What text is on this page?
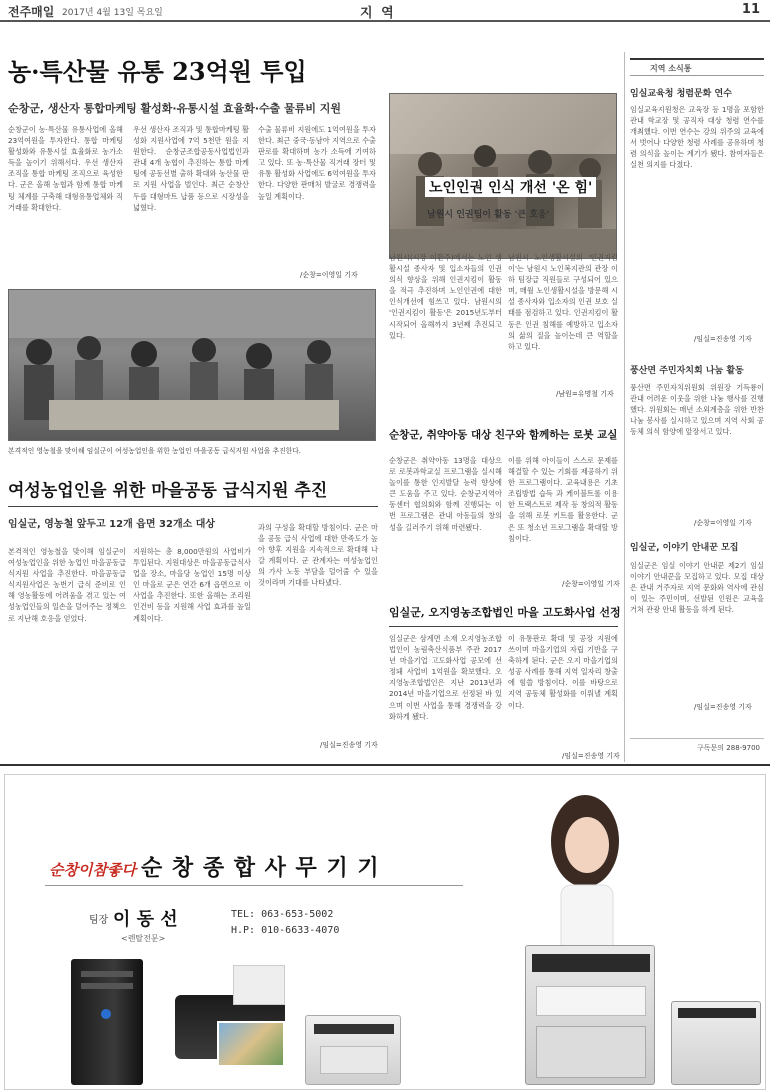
전주매일 2017년 4월 13일 목요일	지 역	11
농·특산물 유통 23억원 투입
순창군, 생산자 통합마케팅 활성화·유통시설 효율화·수출 물류비 지원

순창군이 농·특산물 유통사업에 올해 23억여원을 투자한다. 통합 마케팅 활성화와 유통시설 효율화로 농가소득을 높이기 위해서다. 우선 생산자 조직을 통합 마케팅 조직으로 육성한다. 군은 올해 농협과 함께 통합 마케팅 체계를 구축해 대형유통업체와 직거래를 확대한다.

우선 생산자 조직과 및 통합마케팅 활성화 지원사업에 7억 5천만 원을 지원한다. 순창군조합공동사업법인과 관내 4개 농협이 추진하는 통합 마케팅에 공동선별 출하 확대와 농산물 판로 지원 사업을 벌인다. 최근 순창산 두릅 대형마트 납품 등으로 시장성을 넓혔다.

수출 물류비 지원에도 1억여원을 투자한다. 최근 중국·동남아 지역으로 수출 판로를 확대하며 농가 소득에 기여하고 있다. 또 농·특산물 직거래 장터 및 유통 활성화 사업에도 6억여원을 투자한다. 다양한 판매처 발굴로 경쟁력을 높일 계획이다.

/순창=이영일 기자
노인인권 인식 개선 '온 힘'
남원시 인권팀이 활동 '큰 호응'

남원시(시장 이환주)에서는 노인 생활시설 종사자 및 입소자들의 인권의식 향상을 위해 인권지킴이 활동을 적극 추진하며 노인인권에 대한 인식개선에 힘쓰고 있다. 남원시의 '인권지킴이 활동'은 2015년도부터 시작되어 올해까지 3년째 추진되고 있다.

남원시 노인생활시설의 '인권지킴이'는 남원시 노인복지관의 관장 이하 팀장급 직원들로 구성되어 있으며, 매월 노인생활시설을 방문해 시설 종사자와 입소자의 인권 보호 실태를 점검하고 있다. 인권지킴이 활동은 인권 침해를 예방하고 입소자의 삶의 질을 높이는데 큰 역할을 하고 있다.

/남원=유명철 기자
본격적인 영농철을 맞이해 임실군이 여성농업인을 위한 농업인 마을공동 급식지원 사업을 추진한다.
여성농업인을 위한 마을공동 급식지원 추진
임실군, 영농철 앞두고 12개 읍면 32개소 대상

본격적인 영농철을 맞이해 임실군이 여성농업인을 위한 농업인 마을공동급식지원 사업을 추진한다. 마을공동급식지원사업은 농번기 급식 준비로 인해 영농활동에 어려움을 겪고 있는 여성농업인들의 일손을 덜어주는 정책으로 지난해 호응을 얻었다.

지원하는 총 8,000만원의 사업비가 투입된다. 지원대상은 마을공동급식사업을 장소, 마을당 농업인 15명 이상인 마을로 군은 연간 6개 읍면으로 이 사업을 추진한다. 또한 올해는 조리원 인건비 등을 지원해 사업 효과를 높일 계획이다.

과의 구성을 확대할 방침이다. 군은 마을 공동 급식 사업에 대한 만족도가 높아 향후 지원을 지속적으로 확대해 나갈 계획이다. 군 관계자는 여성농업인의 가사 노동 부담을 덜어줄 수 있을 것이라며 기대를 나타냈다.

/임실=진송영 기자
순창군, 취약아동 대상 친구와 함께하는 로봇 교실

순창군은 취약아동 13명을 대상으로 로봇과학교실 프로그램을 실시해 놀이를 통한 인지발달 능력 향상에 큰 도움을 주고 있다. 순창군지역아동센터 협의회와 함께 진행되는 이번 프로그램은 관내 아동들의 창의성을 길러주기 위해 마련됐다.

이를 위해 아이들이 스스로 문제를 해결할 수 있는 기회를 제공하기 위한 프로그램이다. 교육내용은 기초 조립방법 습득 과 케이블트롤 이용한 트랙스트로 제작 등 창의적 활동을 위해 로봇 키트를 활용한다. 군은 또 청소년 프로그램을 확대할 방침이다.

/순창=이영일 기자
임실군, 오지영농조합법인 마을 고도화사업 선정

임실군은 삼계면 소재 오지영농조합법인이 농림축산식품부 주관 2017년 마을기업 고도화사업 공모에 선정돼 사업비 1억원을 확보했다. 오지영농조합법인은 지난 2013년과 2014년 마을기업으로 선정된 바 있으며 이번 사업을 통해 경쟁력을 강화하게 됐다.

이 유통판로 확대 및 공장 지원에 쓰이며 마을기업의 자립 기반을 구축하게 된다. 군은 오지 마을기업의 성공 사례를 통해 지역 일자리 창출에 힘쓸 방침이다. 이를 바탕으로 지역 공동체 활성화를 이뤄낼 계획이다.

/임실=진송영 기자
지역 소식통
임실교육청 청렴문화 연수

임실교육지원청은 교육장 등 1명을 포함한 관내 학교장 및 공직자 대상 청렴 연수를 개최했다. 이번 연수는 강의 위주의 교육에서 벗어나 다양한 청렴 사례를 공유하며 청렴 의식을 높이는 계기가 됐다. 참여자들은 실천 의지를 다졌다.

/임실=진송영 기자
풍산면 주민자치회 나눔 활동

풍산면 주민자치위원회 위원장 기득룡이 관내 어려운 이웃을 위한 나눔 행사를 진행했다. 위원회는 매년 소외계층을 위한 반찬 나눔 봉사를 실시하고 있으며 지역 사회 공동체 의식 함양에 앞장서고 있다.

/순창=이영일 기자
임실군, 이야기 안내꾼 모집

임실군은 임실 이야기 안내꾼 제2기 임실 이야기 안내꾼을 모집하고 있다. 모집 대상은 관내 거주자로 지역 문화와 역사에 관심이 있는 주민이며, 선발된 인원은 교육을 거쳐 관광 안내 활동을 하게 된다.

/임실=진송영 기자
구독문의 288-9700
순창이참좋다 순 창 종 합 사 무 기 기
팀장 이 동 선
<렌탈전문>
TEL: 063-653-5002
H.P: 010-6633-4070
